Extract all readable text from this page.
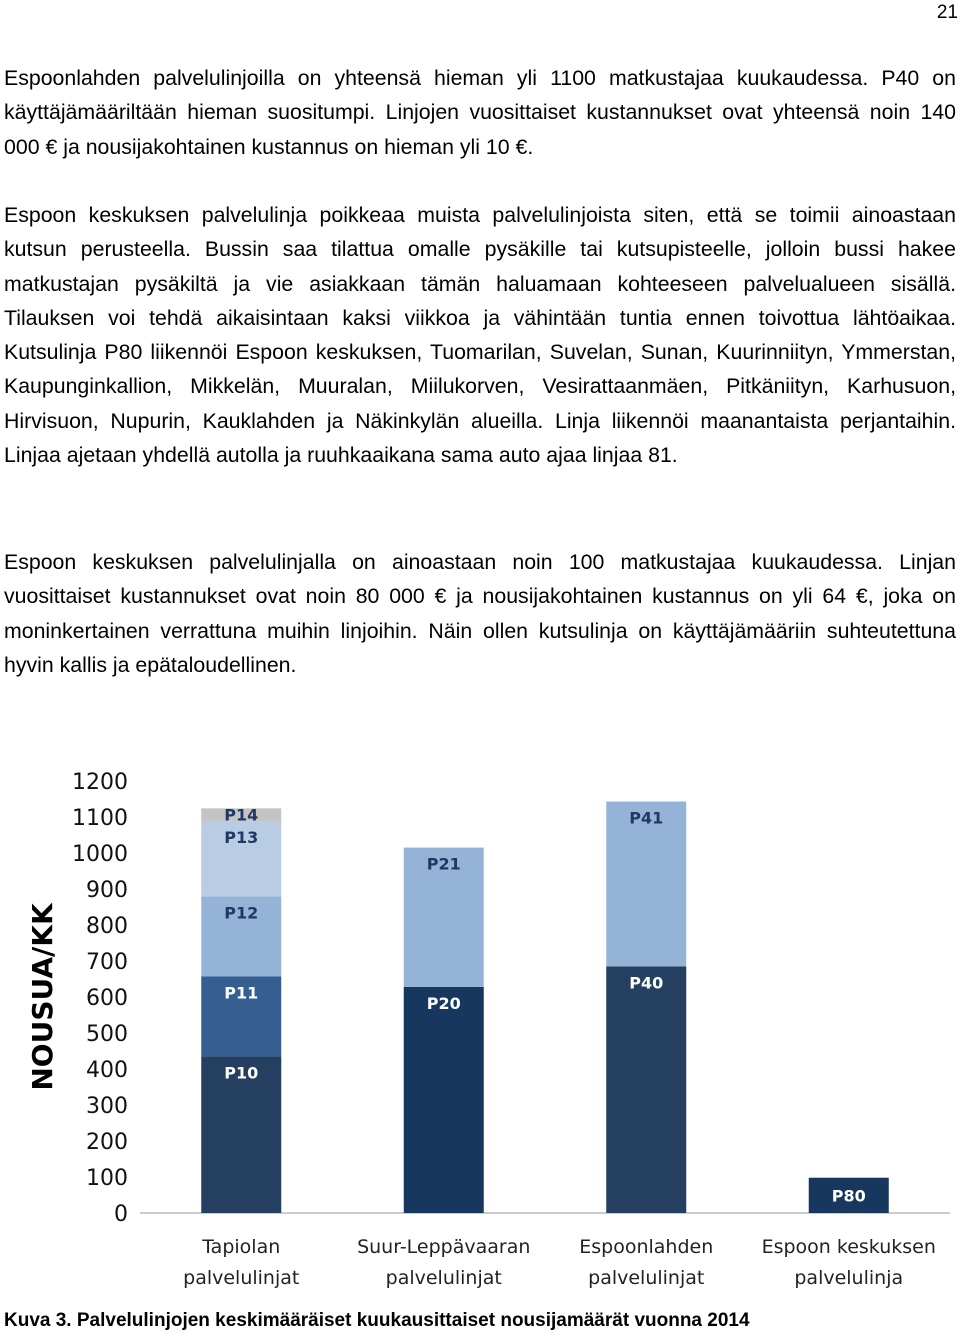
21

Espoonlahden palvelulinjoilla on yhteensä hieman yli 1100 matkustajaa kuukaudessa. P40 on käyttäjämääriltään hieman suositumpi. Linjojen vuosittaiset kustannukset ovat yhteensä noin 140 000 € ja nousijakohtainen kustannus on hieman yli 10 €.

Espoon keskuksen palvelulinja poikkeaa muista palvelulinjoista siten, että se toimii ainoastaan kutsun perusteella. Bussin saa tilattua omalle pysäkille tai kutsupisteelle, jolloin bussi hakee matkustajan pysäkiltä ja vie asiakkaan tämän haluamaan kohteeseen palvelualueen sisällä. Tilauksen voi tehdä aikaisintaan kaksi viikkoa ja vähintään tuntia ennen toivottua lähtöaikaa. Kutsulinja P80 liikennöi Espoon keskuksen, Tuomarilan, Suvelan, Sunan, Kuurinniityn, Ymmerstan, Kaupunginkallion, Mikkelän, Muuralan, Miilukorven, Vesirattaanmäen, Pitkäniityn, Karhusuon, Hirvisuon, Nupurin, Kauklahden ja Näkinkylän alueilla. Linja liikennöi maanantaista perjantaihin. Linjaa ajetaan yhdellä autolla ja ruuhkaaikana sama auto ajaa linjaa 81.

Espoon keskuksen palvelulinjalla on ainoastaan noin 100 matkustajaa kuukaudessa. Linjan vuosittaiset kustannukset ovat noin 80 000 € ja nousijakohtainen kustannus on yli 64 €, joka on moninkertainen verrattuna muihin linjoihin. Näin ollen kutsulinja on käyttäjämääriin suhteutettuna hyvin kallis ja epätaloudellinen.

0
100
200
300
400
500
600
700
800
900
1000
1100
1200
NOUSUA/KK	P10
P11
P12
P13
P14
Tapiolan
palvelulinjat
P20
P21
Suur-Leppävaaran
palvelulinjat
P40
P41
Espoonlahden
palvelulinjat
P80
Espoon keskuksen
palvelulinja
Kuva 3. Palvelulinjojen keskimääräiset kuukausittaiset nousijamäärät vuonna 2014
